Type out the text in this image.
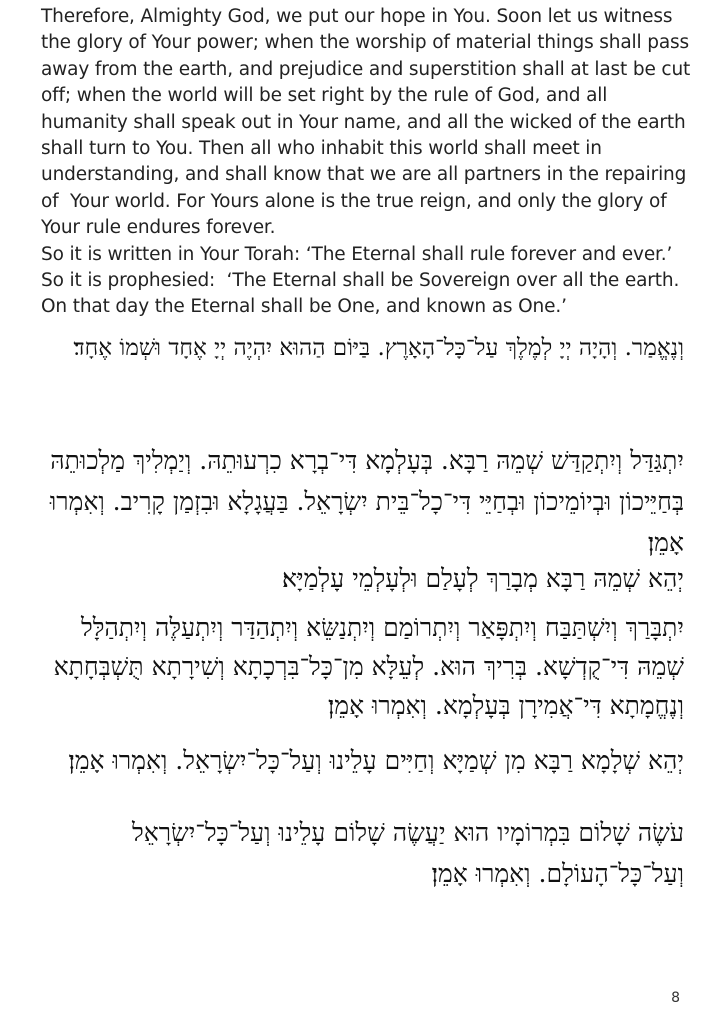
Therefore, Almighty God, we put our hope in You. Soon let us witness the glory of Your power; when the worship of material things shall pass away from the earth, and prejudice and superstition shall at last be cut off; when the world will be set right by the rule of God, and all humanity shall speak out in Your name, and all the wicked of the earth shall turn to You. Then all who inhabit this world shall meet in understanding, and shall know that we are all partners in the repairing of  Your world. For Yours alone is the true reign, and only the glory of Your rule endures forever.

So it is written in Your Torah: ‘The Eternal shall rule forever and ever.’

So it is prophesied:  ‘The Eternal shall be Sovereign over all the earth. On that day the Eternal shall be One, and known as One.’

וְנֶאֱמַר. וְהָיָה יְיָ לְמֶלֶךְ עַל־כָּל־הָאָרֶץ. בַּיּוֹם הַהוּא יִהְיֶה יְיָ אֶחָד וּשְׁמוֹ אֶחָד׃

יִתְגַּדַּל וְיִתְקַדַּשׁ שְׁמֵהּ רַבָּא. בְּעָלְמָא דִּי־בְרָא כִרְעוּתֵהּ. וְיַמְלִיךְ מַלְכוּתֵהּ בְּחַיֵּיכוֹן וּבְיוֹמֵיכוֹן וּבְחַיֵּי דִּי־כָל־בֵּית יִשְׂרָאֵל. בַּעֲגָלָא וּבִזְמַן קָרִיב. וְאִמְרוּ אָמֵן׃

יְהֵא שְׁמֵהּ רַבָּא מְבָרַךְ לְעָלַם וּלְעָלְמֵי עָלְמַיָּא׃

יִתְבָּרַךְ וְיִשְׁתַּבַּח וְיִתְפָּאַר וְיִתְרוֹמַם וְיִתְנַשֵּׂא וְיִתְהַדַּר וְיִתְעַלֶּה וְיִתְהַלָּל שְׁמֵהּ דִּי־קֻדְשָׁא. בְּרִיךְ הוּא. לְעֵלָּא מִן־כָּל־בִּרְכָתָא וְשִׁירָתָא תֻּשְׁבְּחָתָא וְנֶחֱמָתָא דִּי־אֲמִירָן בְּעָלְמָא. וְאִמְרוּ אָמֵן׃

יְהֵא שְׁלָמָא רַבָּא מִן שְׁמַיָּא וְחַיִּים עָלֵינוּ וְעַל־כָּל־יִשְׂרָאֵל. וְאִמְרוּ אָמֵן׃

עֹשֶׂה שָׁלוֹם בִּמְרוֹמָיו הוּא יַעֲשֶׂה שָׁלוֹם עָלֵינוּ וְעַל־כָּל־יִשְׂרָאֵל וְעַל־כָּל־הָעוֹלָם. וְאִמְרוּ אָמֵן׃

8
